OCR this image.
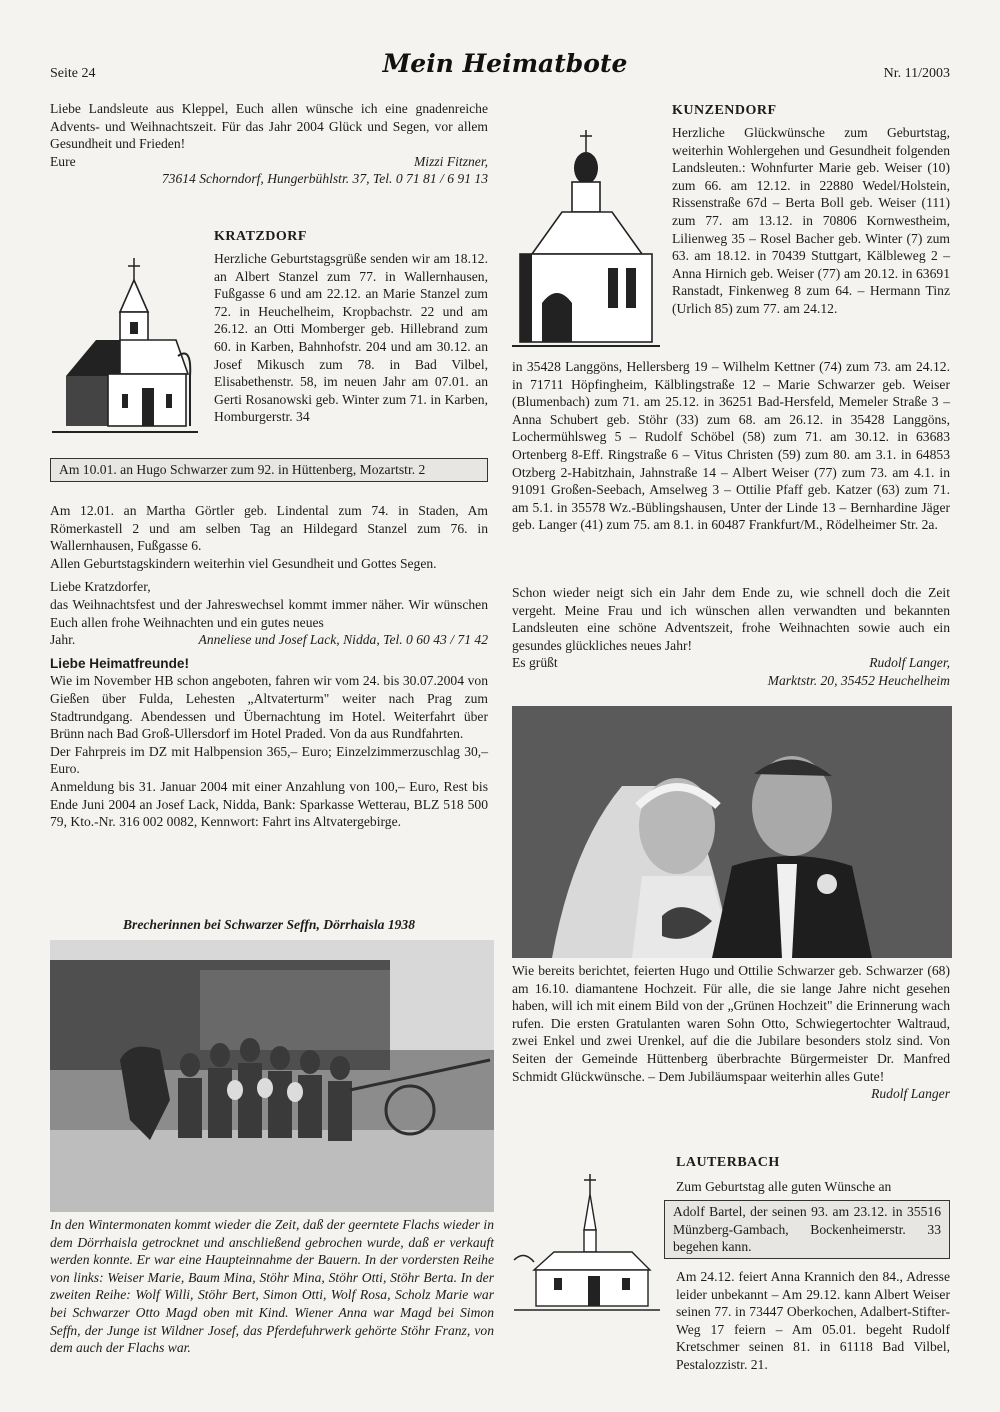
Seite 24	Mein Heimatbote	Nr. 11/2003

Liebe Landsleute aus Kleppel, Euch allen wünsche ich eine gnadenreiche Advents- und Weihnachtszeit. Für das Jahr 2004 Glück und Segen, vor allem Gesundheit und Frieden!

Eure	Mizzi Fitzner,

73614 Schorndorf, Hungerbühlstr. 37, Tel. 0 71 81 / 6 91 13

KRATZDORF
Herzliche Geburtstagsgrüße senden wir am 18.12. an Albert Stanzel zum 77. in Wallernhausen, Fußgasse 6 und am 22.12. an Marie Stanzel zum 72. in Heuchelheim, Kropbachstr. 22 und am 26.12. an Otti Momberger geb. Hillebrand zum 60. in Karben, Bahnhofstr. 204 und am 30.12. an Josef Mikusch zum 78. in Bad Vilbel, Elisabethenstr. 58, im neuen Jahr am 07.01. an Gerti Rosanowski geb. Winter zum 71. in Karben, Homburgerstr. 34
Am 10.01. an Hugo Schwarzer zum 92. in Hüttenberg, Mozartstr. 2

Am 12.01. an Martha Görtler geb. Lindental zum 74. in Staden, Am Römerkastell 2 und am selben Tag an Hildegard Stanzel zum 76. in Wallernhausen, Fußgasse 6.

Allen Geburtstagskindern weiterhin viel Gesundheit und Gottes Segen.

Liebe Kratzdorfer,

das Weihnachtsfest und der Jahreswechsel kommt immer näher. Wir wünschen Euch allen frohe Weihnachten und ein gutes neues

Jahr.	Anneliese und Josef Lack, Nidda, Tel. 0 60 43 / 71 42

Liebe Heimatfreunde!

Wie im November HB schon angeboten, fahren wir vom 24. bis 30.07.2004 von Gießen über Fulda, Lehesten „Altvaterturm" weiter nach Prag zum Stadtrundgang. Abendessen und Übernachtung im Hotel. Weiterfahrt über Brünn nach Bad Groß-Ullersdorf im Hotel Praded. Von da aus Rundfahrten.

Der Fahrpreis im DZ mit Halbpension 365,– Euro; Einzelzimmerzuschlag 30,– Euro.

Anmeldung bis 31. Januar 2004 mit einer Anzahlung von 100,– Euro, Rest bis Ende Juni 2004 an Josef Lack, Nidda, Bank: Sparkasse Wetterau, BLZ 518 500 79, Kto.-Nr. 316 002 0082, Kennwort: Fahrt ins Altvatergebirge.

Brecherinnen bei Schwarzer Seffn, Dörrhaisla 1938
In den Wintermonaten kommt wieder die Zeit, daß der geerntete Flachs wieder in dem Dörrhaisla getrocknet und anschließend gebrochen wurde, daß er verkauft werden konnte. Er war eine Haupteinnahme der Bauern. In der vordersten Reihe von links: Weiser Marie, Baum Mina, Stöhr Mina, Stöhr Otti, Stöhr Berta. In der zweiten Reihe: Wolf Willi, Stöhr Bert, Simon Otti, Wolf Rosa, Scholz Marie war bei Schwarzer Otto Magd oben mit Kind. Wiener Anna war Magd bei Simon Seffn, der Junge ist Wildner Josef, das Pferdefuhrwerk gehörte Stöhr Franz, von dem auch der Flachs war.
KUNZENDORF
Herzliche Glückwünsche zum Geburtstag, weiterhin Wohlergehen und Gesundheit folgenden Landsleuten.: Wohnfurter Marie geb. Weiser (10) zum 66. am 12.12. in 22880 Wedel/Holstein, Rissenstraße 67d – Berta Boll geb. Weiser (111) zum 77. am 13.12. in 70806 Kornwestheim, Lilienweg 35 – Rosel Bacher geb. Winter (7) zum 63. am 18.12. in 70439 Stuttgart, Kälbleweg 2 – Anna Hirnich geb. Weiser (77) am 20.12. in 63691 Ranstadt, Finkenweg 8 zum 64. – Hermann Tinz (Urlich 85) zum 77. am 24.12.
in 35428 Langgöns, Hellersberg 19 – Wilhelm Kettner (74) zum 73. am 24.12. in 71711 Höpfingheim, Kälblingstraße 12 – Marie Schwarzer geb. Weiser (Blumenbach) zum 71. am 25.12. in 36251 Bad-Hersfeld, Memeler Straße 3 – Anna Schubert geb. Stöhr (33) zum 68. am 26.12. in 35428 Langgöns, Lochermühlsweg 5 – Rudolf Schöbel (58) zum 71. am 30.12. in 63683 Ortenberg 8-Eff. Ringstraße 6 – Vitus Christen (59) zum 80. am 3.1. in 64853 Otzberg 2-Habitzhain, Jahnstraße 14 – Albert Weiser (77) zum 73. am 4.1. in 91091 Großen-Seebach, Amselweg 3 – Ottilie Pfaff geb. Katzer (63) zum 71. am 5.1. in 35578 Wz.-Büblingshausen, Unter der Linde 13 – Bernhardine Jäger geb. Langer (41) zum 75. am 8.1. in 60487 Frankfurt/M., Rödelheimer Str. 2a.

Schon wieder neigt sich ein Jahr dem Ende zu, wie schnell doch die Zeit vergeht. Meine Frau und ich wünschen allen verwandten und bekannten Landsleuten eine schöne Adventszeit, frohe Weihnachten sowie auch ein gesundes glückliches neues Jahr!

Es grüßt	Rudolf Langer,

Marktstr. 20, 35452 Heuchelheim

Wie bereits berichtet, feierten Hugo und Ottilie Schwarzer geb. Schwarzer (68) am 16.10. diamantene Hochzeit. Für alle, die sie lange Jahre nicht gesehen haben, will ich mit einem Bild von der „Grünen Hochzeit" die Erinnerung wach rufen. Die ersten Gratulanten waren Sohn Otto, Schwiegertochter Waltraud, zwei Enkel und zwei Urenkel, auf die die Jubilare besonders stolz sind. Von Seiten der Gemeinde Hüttenberg überbrachte Bürgermeister Dr. Manfred Schmidt Glückwünsche. – Dem Jubiläumspaar weiterhin alles Gute!

Rudolf Langer

LAUTERBACH
Zum Geburtstag alle guten Wünsche an
Adolf Bartel, der seinen 93. am 23.12. in 35516 Münzberg-Gambach, Bockenheimerstr. 33 begehen kann.
Am 24.12. feiert Anna Krannich den 84., Adresse leider unbekannt – Am 29.12. kann Albert Weiser seinen 77. in 73447 Oberkochen, Adalbert-Stifter-Weg 17 feiern – Am 05.01. begeht Rudolf Kretschmer seinen 81. in 61118 Bad Vilbel, Pestalozzistr. 21.
